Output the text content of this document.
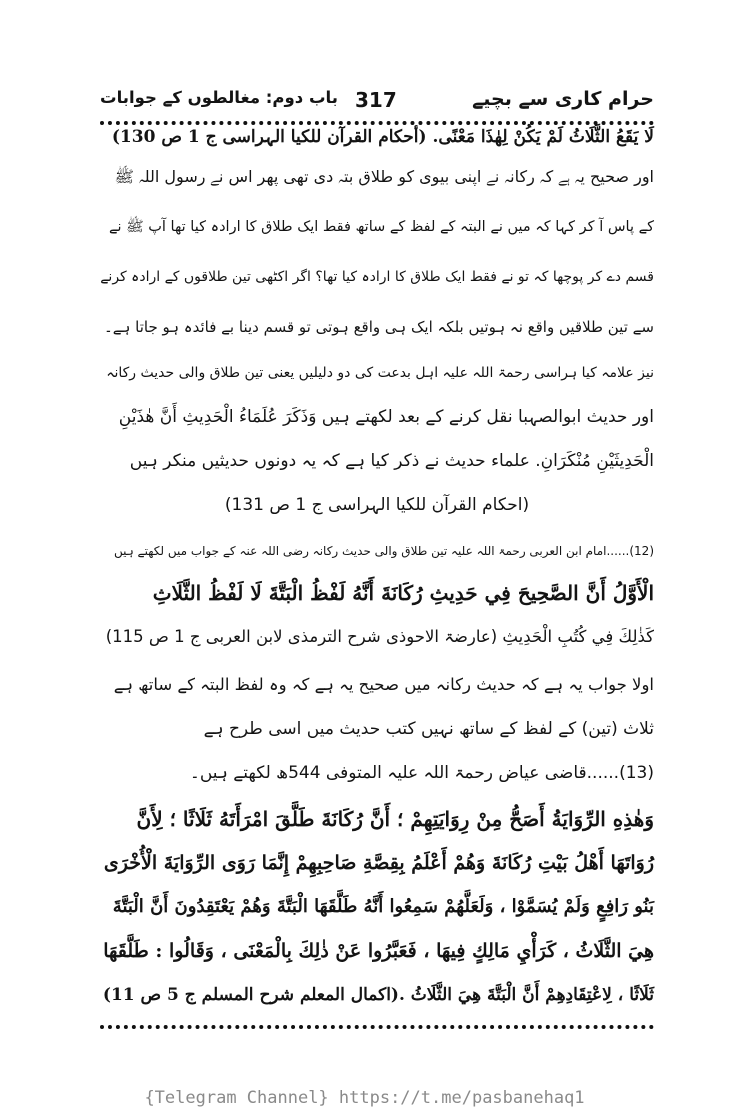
حرام کاری سے بچیے
317
باب دوم: مغالطوں کے جوابات
لَا يَقَعُ الثَّلَاثُ لَمْ يَكُنْ لِهٰذَا مَعْنًى. (أحکام القرآن للکیا الہراسی ج 1 ص 130)
اور صحیح یہ ہے کہ رکانہ نے اپنی بیوی کو طلاق بتہ دی تھی پھر اس نے رسول اللہ ﷺ
کے پاس آ کر کہا کہ میں نے البتہ کے لفظ کے ساتھ فقط ایک طلاق کا ارادہ کیا تھا آپ ﷺ نے
قسم دے کر پوچھا کہ تو نے فقط ایک طلاق کا ارادہ کیا تھا؟ اگر اکٹھی تین طلاقوں کے ارادہ کرنے
سے تین طلاقیں واقع نہ ہوتیں بلکہ ایک ہی واقع ہوتی تو قسم دینا بے فائدہ ہو جاتا ہے۔
نیز علامہ کیا ہراسی رحمۃ اللہ علیہ اہل بدعت کی دو دلیلیں یعنی تین طلاق والی حدیث رکانہ
اور حدیث ابوالصہبا نقل کرنے کے بعد لکھتے ہیں وَذَكَرَ عُلَمَاءُ الْحَدِيثِ أَنَّ هٰذَيْنِ
الْحَدِيثَيْنِ مُنْكَرَانِ. علماء حدیث نے ذکر کیا ہے کہ یہ دونوں حدیثیں منکر ہیں
(احکام القرآن للکیا الہراسی ج 1 ص 131)
(12)......امام ابن العربی رحمۃ اللہ علیہ تین طلاق والی حدیث رکانہ رضی اللہ عنہ کے جواب میں لکھتے ہیں
الْأَوَّلُ أَنَّ الصَّحِيحَ فِي حَدِيثِ رُكَانَةَ أَنَّهُ لَفْظُ الْبَتَّةَ لَا لَفْظُ الثَّلَاثِ
كَذٰلِكَ فِي كُتُبِ الْحَدِيثِ (عارضۃ الاحوذی شرح الترمذی لابن العربی ج 1 ص 115)
اولا جواب یہ ہے کہ حدیث رکانہ میں صحیح یہ ہے کہ وہ لفظ البتہ کے ساتھ ہے
ثلاث (تین) کے لفظ کے ساتھ نہیں کتب حدیث میں اسی طرح ہے
(13)......قاضی عیاض رحمۃ اللہ علیہ المتوفی 544ھ لکھتے ہیں۔
وَهٰذِهِ الرِّوَايَةُ أَصَحُّ مِنْ رِوَايَتِهِمْ ؛ أَنَّ رُكَانَةَ طَلَّقَ امْرَأَتَهُ ثَلَاثًا ؛ لِأَنَّ
رُوَاتَهَا أَهْلُ بَيْتِ رُكَانَةَ وَهُمْ أَعْلَمُ بِقِصَّةِ صَاحِبِهِمْ إِنَّمَا رَوَى الرِّوَايَةَ الْأُخْرَى
بَنُو رَافِعٍ وَلَمْ يُسَمَّوْا ، وَلَعَلَّهُمْ سَمِعُوا أَنَّهُ طَلَّقَهَا الْبَتَّةَ وَهُمْ يَعْتَقِدُونَ أَنَّ الْبَتَّةَ
هِيَ الثَّلَاثُ ، كَرَأْيِ مَالِكٍ فِيهَا ، فَعَبَّرُوا عَنْ ذٰلِكَ بِالْمَعْنَى ، وَقَالُوا : طَلَّقَهَا
ثَلَاثًا ، لِاعْتِقَادِهِمْ أَنَّ الْبَتَّةَ هِيَ الثَّلَاثُ .(اکمال المعلم شرح المسلم ج 5 ص 11)
{Telegram Channel} https://t.me/pasbanehaq1
